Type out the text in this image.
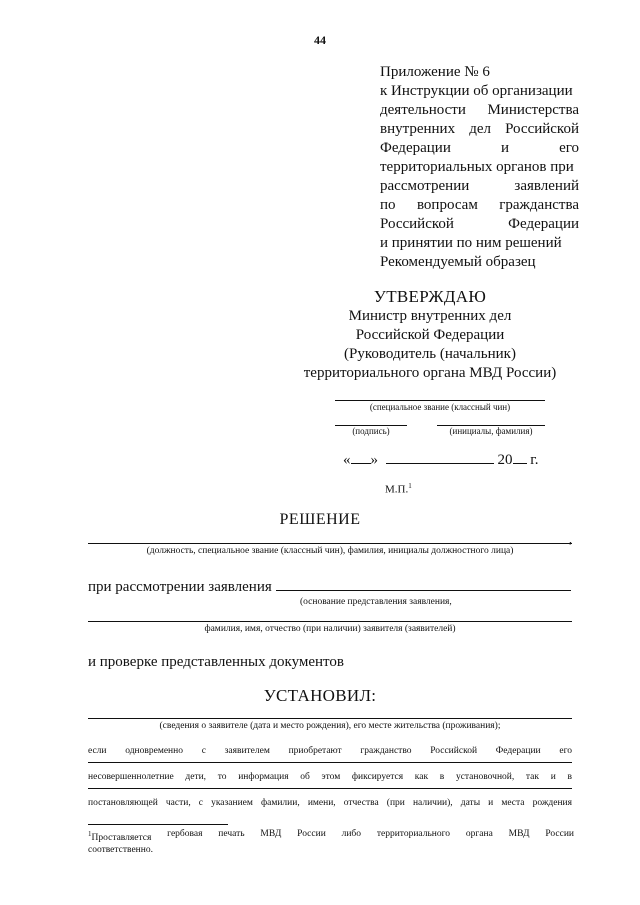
44
Приложение № 6
к Инструкции об организации
деятельности Министерства
внутренних дел Российской
Федерации	и	его
территориальных органов при
рассмотрении	заявлений
по вопросам гражданства
Российской	Федерации
и принятии по ним решений
Рекомендуемый образец
УТВЕРЖДАЮ
Министр внутренних дел
Российской Федерации
(Руководитель (начальник)
территориального органа МВД России)
(специальное звание (классный чин)
(подпись)	(инициалы, фамилия)
« »	20 г.
М.П.$^1$
РЕШЕНИЕ
,
(должность, специальное звание (классный чин), фамилия, инициалы должностного лица)
при рассмотрении заявления
(основание представления заявления,
фамилия, имя, отчество (при наличии) заявителя (заявителей)
и проверке представленных документов
УСТАНОВИЛ:
(сведения о заявителе (дата и место рождения), его месте жительства (проживания);
если одновременно с заявителем приобретают гражданство Российской Федерации его
несовершеннолетние дети, то информация об этом фиксируется как в установочной, так и в
постановляющей части, с указанием фамилии, имени, отчества (при наличии), даты и места рождения
$^1$Проставляется гербовая печать МВД России либо территориального органа МВД России
соответственно.
